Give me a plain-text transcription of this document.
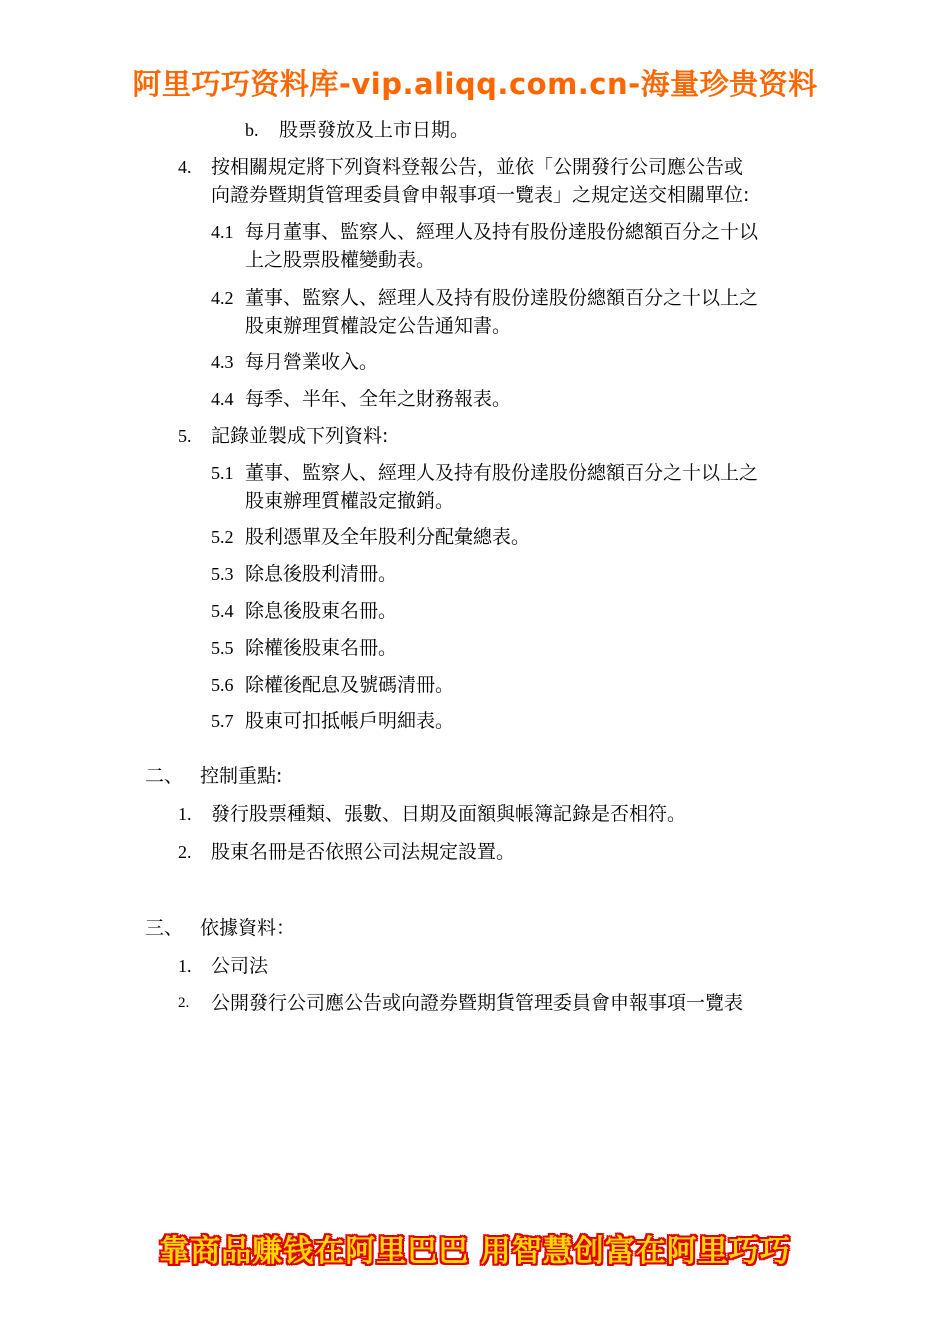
阿里巧巧资料库-vip.aliqq.com.cn-海量珍贵资料
b. 股票發放及上市日期。
4. 按相關規定將下列資料登報公告，並依「公開發行公司應公告或
向證券暨期貨管理委員會申報事項一覽表」之規定送交相關單位:
4.1 每月董事、監察人、經理人及持有股份達股份總額百分之十以
上之股票股權變動表。
4.2 董事、監察人、經理人及持有股份達股份總額百分之十以上之
股東辦理質權設定公告通知書。
4.3 每月營業收入。
4.4 每季、半年、全年之財務報表。
5. 記錄並製成下列資料:
5.1 董事、監察人、經理人及持有股份達股份總額百分之十以上之
股東辦理質權設定撤銷。
5.2 股利憑單及全年股利分配彙總表。
5.3 除息後股利清冊。
5.4 除息後股東名冊。
5.5 除權後股東名冊。
5.6 除權後配息及號碼清冊。
5.7 股東可扣抵帳戶明細表。
二、 控制重點:
1. 發行股票種類、張數、日期及面額與帳簿記錄是否相符。
2. 股東名冊是否依照公司法規定設置。
三、 依據資料：
1. 公司法
2. 公開發行公司應公告或向證券暨期貨管理委員會申報事項一覽表
靠商品赚钱在阿里巴巴 用智慧创富在阿里巧巧
